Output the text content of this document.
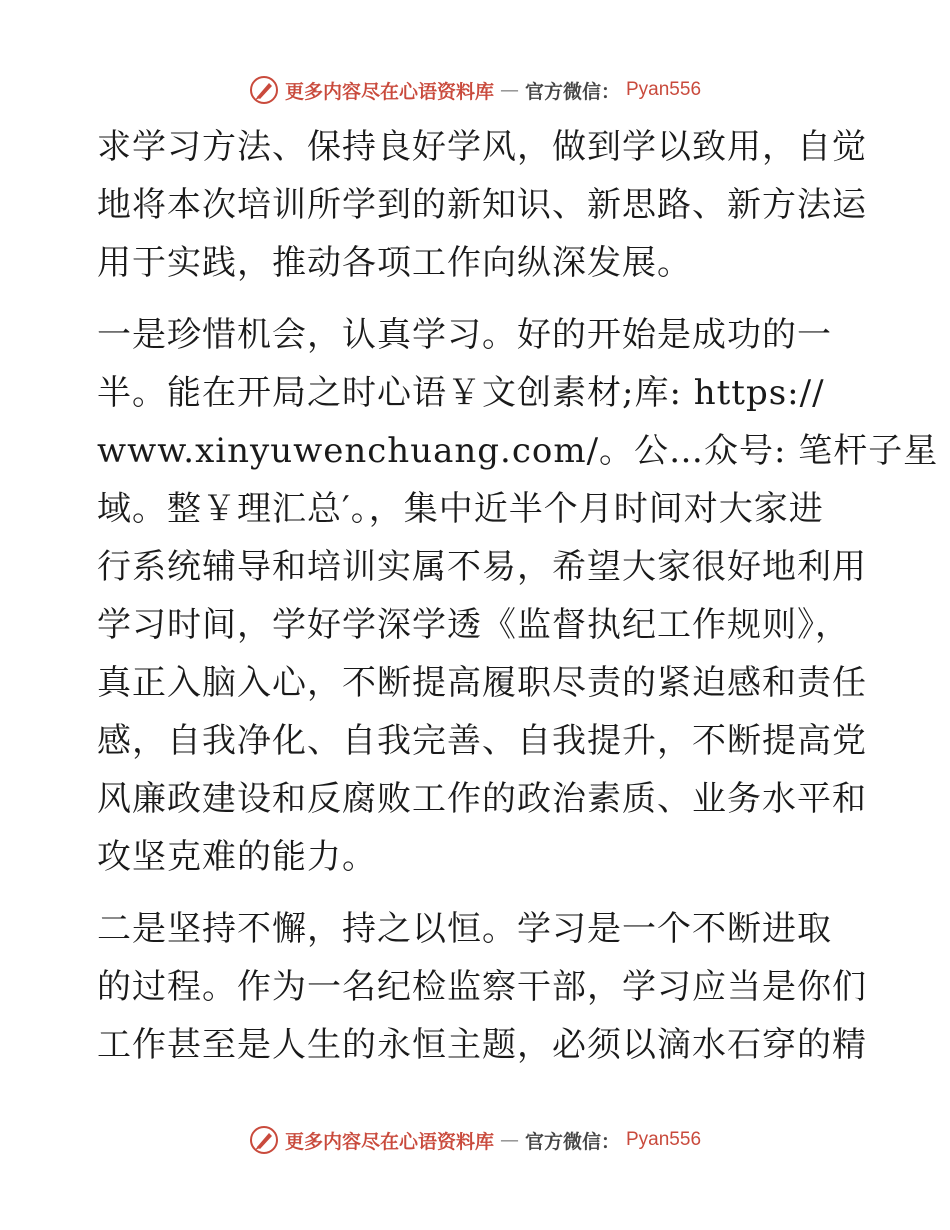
更多内容尽在心语资料库 — 官方微信： Pyan556
求学习方法、保持良好学风，做到学以致用，自觉
地将本次培训所学到的新知识、新思路、新方法运
用于实践，推动各项工作向纵深发展。
一是珍惜机会，认真学习。好的开始是成功的一
半。能在开局之时心语￥文创素材;库: https://
www.xinyuwenchuang.com/。公…众号: 笔杆子星
域。整￥理汇总′。，集中近半个月时间对大家进
行系统辅导和培训实属不易，希望大家很好地利用
学习时间，学好学深学透《监督执纪工作规则》，
真正入脑入心，不断提高履职尽责的紧迫感和责任
感，自我净化、自我完善、自我提升，不断提高党
风廉政建设和反腐败工作的政治素质、业务水平和
攻坚克难的能力。
二是坚持不懈，持之以恒。学习是一个不断进取
的过程。作为一名纪检监察干部，学习应当是你们
工作甚至是人生的永恒主题，必须以滴水石穿的精
更多内容尽在心语资料库 — 官方微信： Pyan556
